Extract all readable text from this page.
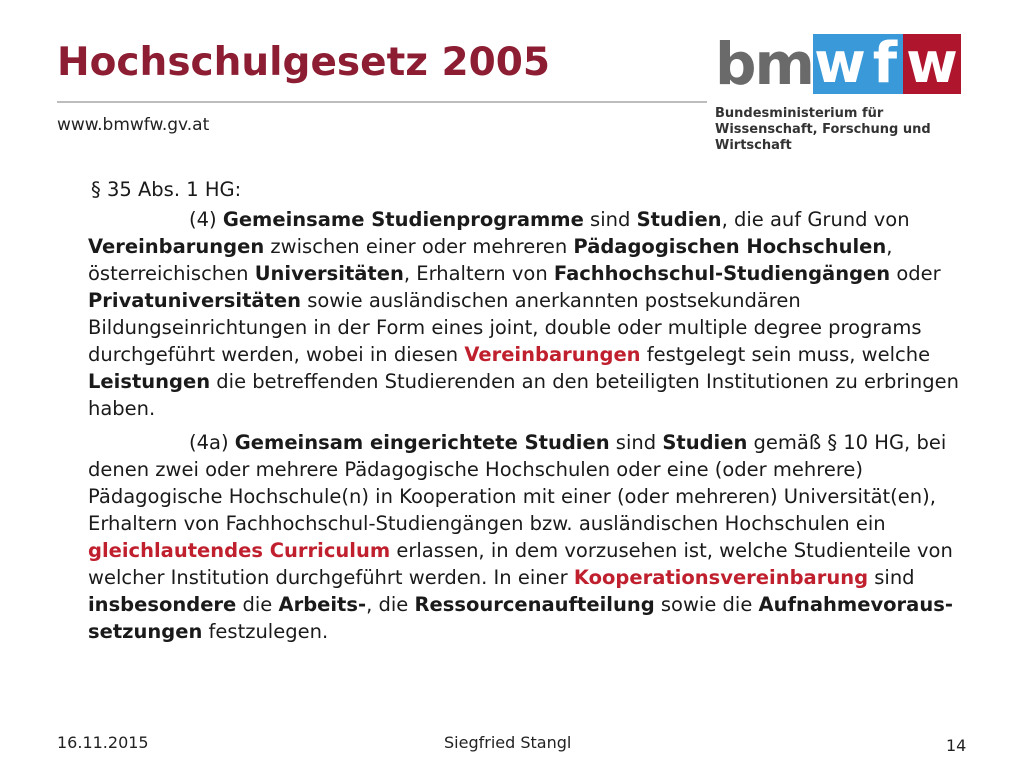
Hochschulgesetz 2005
www.bmwfw.gv.at
bm w f w
Bundesministerium für
Wissenschaft, Forschung und Wirtschaft

§ 35 Abs. 1 HG:

(4) Gemeinsame Studienprogramme sind Studien, die auf Grund von Vereinbarungen zwischen einer oder mehreren Pädagogischen Hochschulen, österreichischen Universitäten, Erhaltern von Fachhochschul-Studiengängen oder Privatuniversitäten sowie ausländischen anerkannten postsekundären Bildungseinrichtungen in der Form eines joint, double oder multiple degree programs durchgeführt werden, wobei in diesen Vereinbarungen festgelegt sein muss, welche Leistungen die betreffenden Studierenden an den beteiligten Institutionen zu erbringen haben.

(4a) Gemeinsam eingerichtete Studien sind Studien gemäß § 10 HG, bei denen zwei oder mehrere Pädagogische Hochschulen oder eine (oder mehrere) Pädagogische Hochschule(n) in Kooperation mit einer (oder mehreren) Universität(en), Erhaltern von Fachhochschul-Studiengängen bzw. ausländischen Hochschulen ein gleichlautendes Curriculum erlassen, in dem vorzusehen ist, welche Studienteile von welcher Institution durchgeführt werden. In einer Kooperationsvereinbarung sind insbesondere die Arbeits-, die Ressourcenaufteilung sowie die Aufnahmevoraus-setzungen festzulegen.

16.11.2015	Siegfried Stangl	14
